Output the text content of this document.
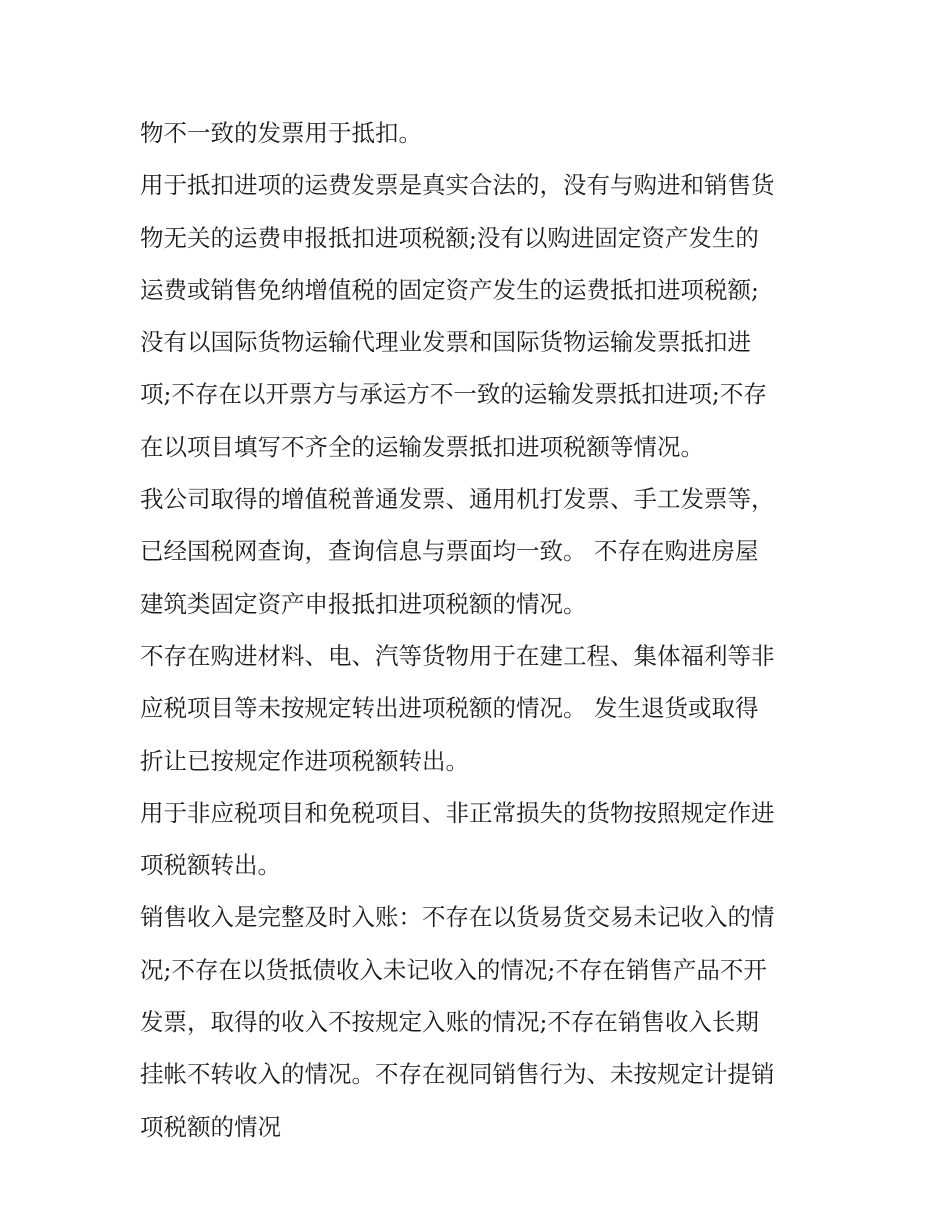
物不一致的发票用于抵扣。
用于抵扣进项的运费发票是真实合法的，没有与购进和销售货
物无关的运费申报抵扣进项税额;没有以购进固定资产发生的
运费或销售免纳增值税的固定资产发生的运费抵扣进项税额;
没有以国际货物运输代理业发票和国际货物运输发票抵扣进
项;不存在以开票方与承运方不一致的运输发票抵扣进项;不存
在以项目填写不齐全的运输发票抵扣进项税额等情况。
我公司取得的增值税普通发票、通用机打发票、手工发票等，
已经国税网查询，查询信息与票面均一致。 不存在购进房屋
建筑类固定资产申报抵扣进项税额的情况。
不存在购进材料、电、汽等货物用于在建工程、集体福利等非
应税项目等未按规定转出进项税额的情况。 发生退货或取得
折让已按规定作进项税额转出。
用于非应税项目和免税项目、非正常损失的货物按照规定作进
项税额转出。
销售收入是完整及时入账：不存在以货易货交易未记收入的情
况;不存在以货抵债收入未记收入的情况;不存在销售产品不开
发票，取得的收入不按规定入账的情况;不存在销售收入长期
挂帐不转收入的情况。不存在视同销售行为、未按规定计提销
项税额的情况
